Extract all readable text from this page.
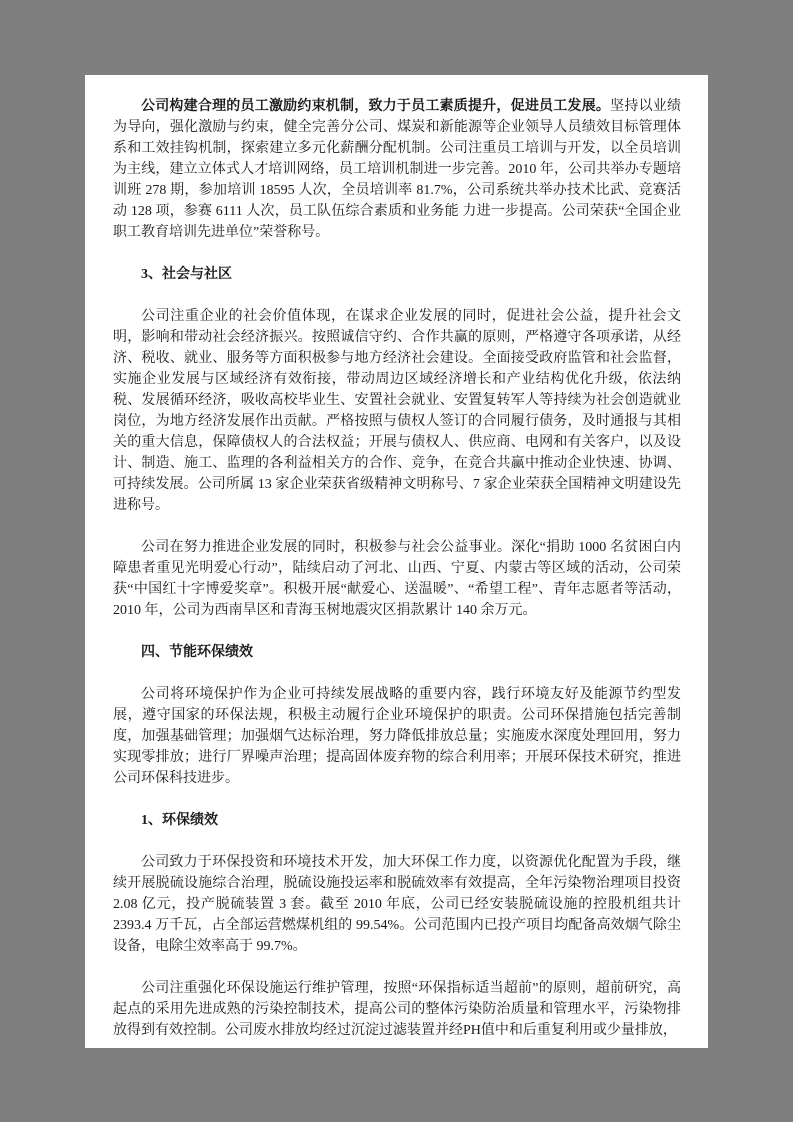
公司构建合理的员工激励约束机制，致力于员工素质提升，促进员工发展。坚持以业绩为导向，强化激励与约束，健全完善分公司、煤炭和新能源等企业领导人员绩效目标管理体系和工效挂钩机制，探索建立多元化薪酬分配机制。公司注重员工培训与开发，以全员培训为主线，建立立体式人才培训网络，员工培训机制进一步完善。2010 年，公司共举办专题培训班 278 期，参加培训 18595 人次，全员培训率 81.7%，公司系统共举办技术比武、竞赛活动 128 项，参赛 6111 人次，员工队伍综合素质和业务能 力进一步提高。公司荣获“全国企业职工教育培训先进单位”荣誉称号。

3、社会与社区

公司注重企业的社会价值体现，在谋求企业发展的同时，促进社会公益，提升社会文明，影响和带动社会经济振兴。按照诚信守约、合作共赢的原则，严格遵守各项承诺，从经济、税收、就业、服务等方面积极参与地方经济社会建设。全面接受政府监管和社会监督，实施企业发展与区域经济有效衔接，带动周边区域经济增长和产业结构优化升级，依法纳税、发展循环经济，吸收高校毕业生、安置社会就业、安置复转军人等持续为社会创造就业岗位，为地方经济发展作出贡献。严格按照与债权人签订的合同履行债务，及时通报与其相关的重大信息，保障债权人的合法权益；开展与债权人、供应商、电网和有关客户，以及设计、制造、施工、监理的各利益相关方的合作、竞争，在竞合共赢中推动企业快速、协调、可持续发展。公司所属 13 家企业荣获省级精神文明称号、7 家企业荣获全国精神文明建设先进称号。

公司在努力推进企业发展的同时，积极参与社会公益事业。深化“捐助 1000 名贫困白内障患者重见光明爱心行动”，陆续启动了河北、山西、宁夏、内蒙古等区域的活动，公司荣获“中国红十字博爱奖章”。积极开展“献爱心、送温暖”、“希望工程”、青年志愿者等活动，2010 年，公司为西南旱区和青海玉树地震灾区捐款累计 140 余万元。

四、节能环保绩效

公司将环境保护作为企业可持续发展战略的重要内容，践行环境友好及能源节约型发展，遵守国家的环保法规，积极主动履行企业环境保护的职责。公司环保措施包括完善制度，加强基础管理；加强烟气达标治理，努力降低排放总量；实施废水深度处理回用，努力实现零排放；进行厂界噪声治理；提高固体废弃物的综合利用率；开展环保技术研究，推进公司环保科技进步。

1、环保绩效

公司致力于环保投资和环境技术开发，加大环保工作力度，以资源优化配置为手段，继续开展脱硫设施综合治理，脱硫设施投运率和脱硫效率有效提高，全年污染物治理项目投资 2.08 亿元，投产脱硫装置 3 套。截至 2010 年底，公司已经安装脱硫设施的控股机组共计 2393.4 万千瓦，占全部运营燃煤机组的 99.54%。公司范围内已投产项目均配备高效烟气除尘设备，电除尘效率高于 99.7%。

公司注重强化环保设施运行维护管理，按照“环保指标适当超前”的原则，超前研究，高起点的采用先进成熟的污染控制技术，提高公司的整体污染防治质量和管理水平，污染物排放得到有效控制。公司废水排放均经过沉淀过滤装置并经PH值中和后重复利用或少量排放，
